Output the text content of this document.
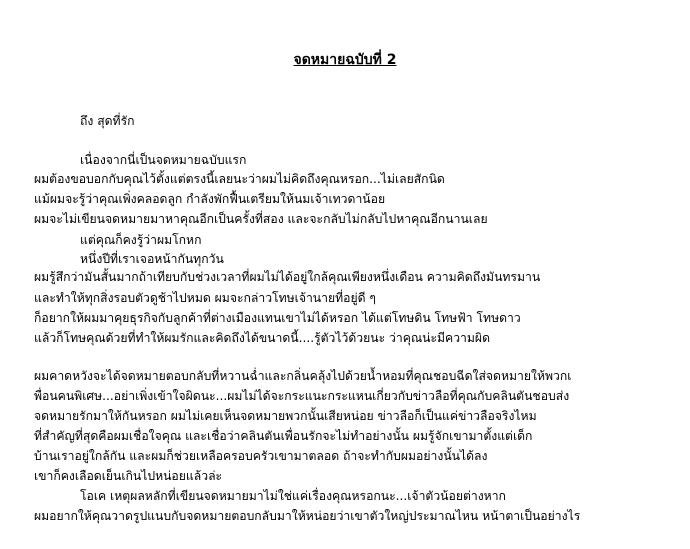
จดหมายฉบับที่ 2
ถึง สุดที่รัก
เนื่องจากนี่เป็นจดหมายฉบับแรก
ผมต้องขอบอกกับคุณไว้ตั้งแต่ตรงนี้เลยนะว่าผมไม่คิดถึงคุณหรอก...ไม่เลยสักนิด
แม้ผมจะรู้ว่าคุณเพิ่งคลอดลูก กำลังพักฟื้นเตรียมให้นมเจ้าเทวดาน้อย
ผมจะไม่เขียนจดหมายมาหาคุณอีกเป็นครั้งที่สอง และจะกลับไม่กลับไปหาคุณอีกนานเลย
แต่คุณก็คงรู้ว่าผมโกหก
หนึ่งปีที่เราเจอหน้ากันทุกวัน
ผมรู้สึกว่ามันสั้นมากถ้าเทียบกับช่วงเวลาที่ผมไม่ได้อยู่ใกล้คุณเพียงหนึ่งเดือน ความคิดถึงมันทรมาน
และทำให้ทุกสิ่งรอบตัวดูช้าไปหมด ผมจะกล่าวโทษเจ้านายที่อยู่ดี ๆ
ก็อยากให้ผมมาคุยธุรกิจกับลูกค้าที่ต่างเมืองแทนเขาไม่ได้หรอก ได้แต่โทษดิน โทษฟ้า โทษดาว
แล้วก็โทษคุณด้วยที่ทำให้ผมรักและคิดถึงได้ขนาดนี้....รู้ตัวไว้ด้วยนะ ว่าคุณน่ะมีความผิด
ผมคาดหวังจะได้จดหมายตอบกลับที่หวานฉ่ำและกลิ่นคลุ้งไปด้วยน้ำหอมที่คุณชอบฉีดใส่จดหมายให้พวกเ
พื่อนคนพิเศษ...อย่าเพิ่งเข้าใจผิดนะ...ผมไม่ได้จะกระแนะกระแหนเกี่ยวกับข่าวลือที่คุณกับคลินตันชอบส่ง
จดหมายรักมาให้กันหรอก ผมไม่เคยเห็นจดหมายพวกนั้นเสียหน่อย ข่าวลือก็เป็นแค่ข่าวลือจริงไหม
ที่สำคัญที่สุดคือผมเชื่อใจคุณ และเชื่อว่าคลินตันเพื่อนรักจะไม่ทำอย่างนั้น ผมรู้จักเขามาตั้งแต่เด็ก
บ้านเราอยู่ใกล้กัน และผมก็ช่วยเหลือครอบครัวเขามาตลอด ถ้าจะทำกับผมอย่างนั้นได้ลง
เขาก็คงเลือดเย็นเกินไปหน่อยแล้วล่ะ
โอเค เหตุผลหลักที่เขียนจดหมายมาไม่ใช่แค่เรื่องคุณหรอกนะ...เจ้าตัวน้อยต่างหาก
ผมอยากให้คุณวาดรูปแนบกับจดหมายตอบกลับมาให้หน่อยว่าเขาตัวใหญ่ประมาณไหน หน้าตาเป็นอย่างไร
